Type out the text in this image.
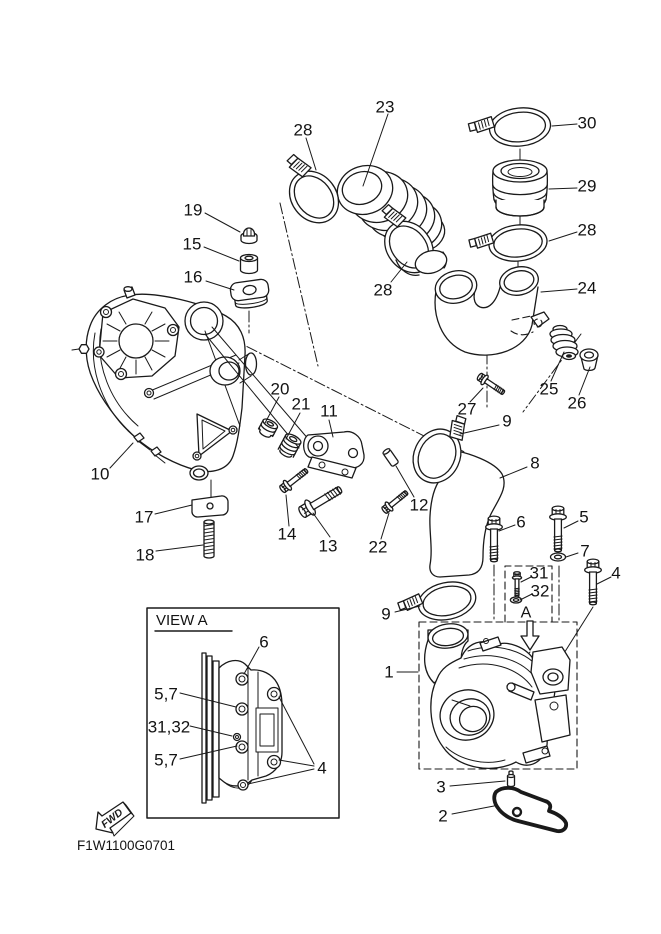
VIEW A
6
5,7
31,32
5,7	4
FWD
F1W1100G0701
23
28	30
29
28
24
28
19
15
16
10
17
18
20
21 11
12
14
13 22
27
25
26
9
8
9
1
6	5
7
4
31
32
3
2
A
